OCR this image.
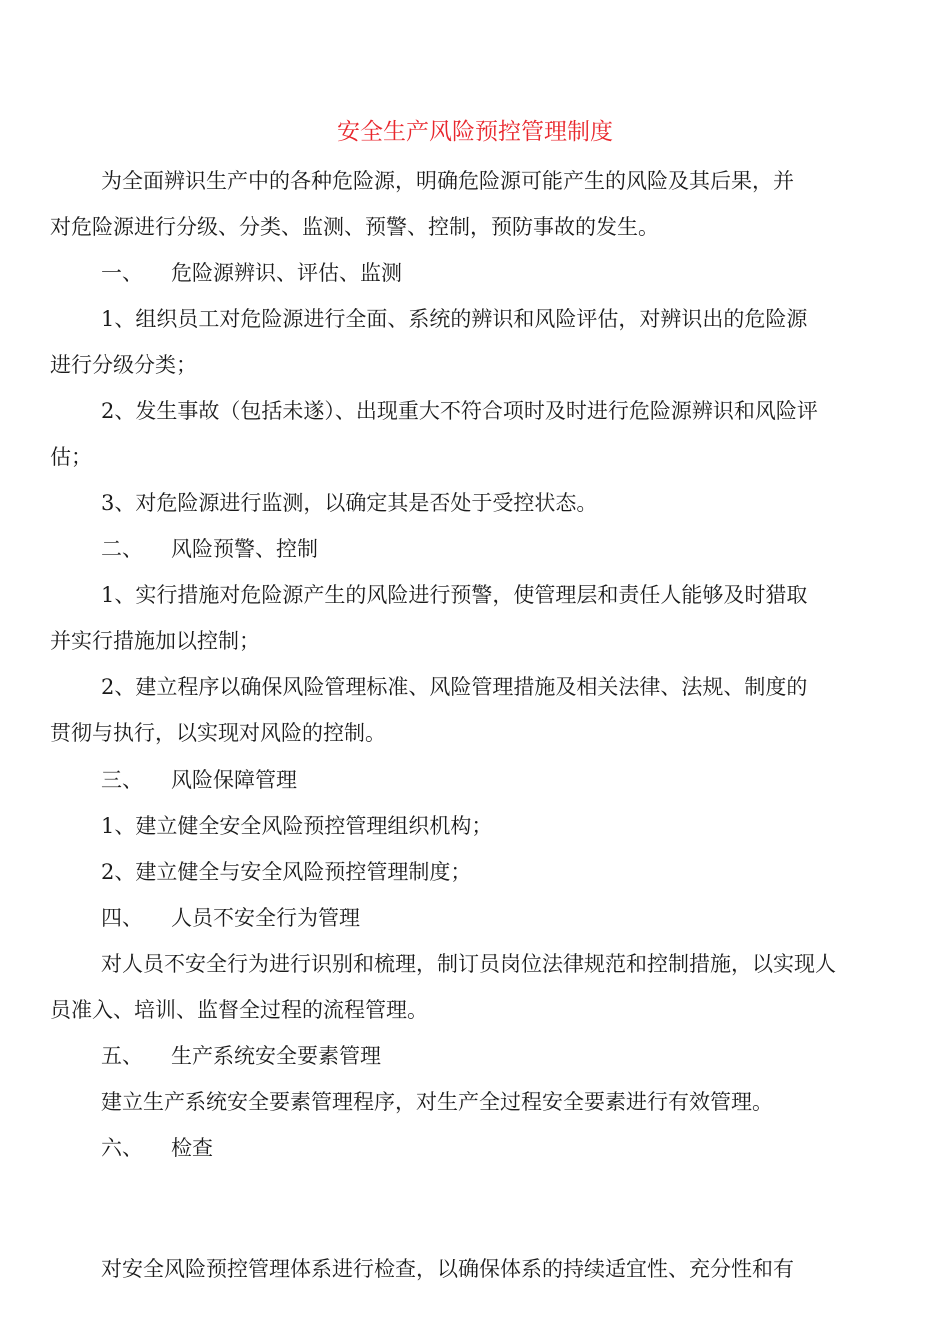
安全生产风险预控管理制度
为全面辨识生产中的各种危险源，明确危险源可能产生的风险及其后果，并
对危险源进行分级、分类、监测、预警、控制，预防事故的发生。
一、 危险源辨识、评估、监测
1、组织员工对危险源进行全面、系统的辨识和风险评估，对辨识出的危险源
进行分级分类；
2、发生事故（包括未遂）、出现重大不符合项时及时进行危险源辨识和风险评
估；
3、对危险源进行监测，以确定其是否处于受控状态。
二、 风险预警、控制
1、实行措施对危险源产生的风险进行预警，使管理层和责任人能够及时猎取
并实行措施加以控制；
2、建立程序以确保风险管理标准、风险管理措施及相关法律、法规、制度的
贯彻与执行，以实现对风险的控制。
三、 风险保障管理
1、建立健全安全风险预控管理组织机构；
2、建立健全与安全风险预控管理制度；
四、 人员不安全行为管理
对人员不安全行为进行识别和梳理，制订员岗位法律规范和控制措施，以实现人
员准入、培训、监督全过程的流程管理。
五、 生产系统安全要素管理
建立生产系统安全要素管理程序，对生产全过程安全要素进行有效管理。
六、 检查
对安全风险预控管理体系进行检查，以确保体系的持续适宜性、充分性和有
